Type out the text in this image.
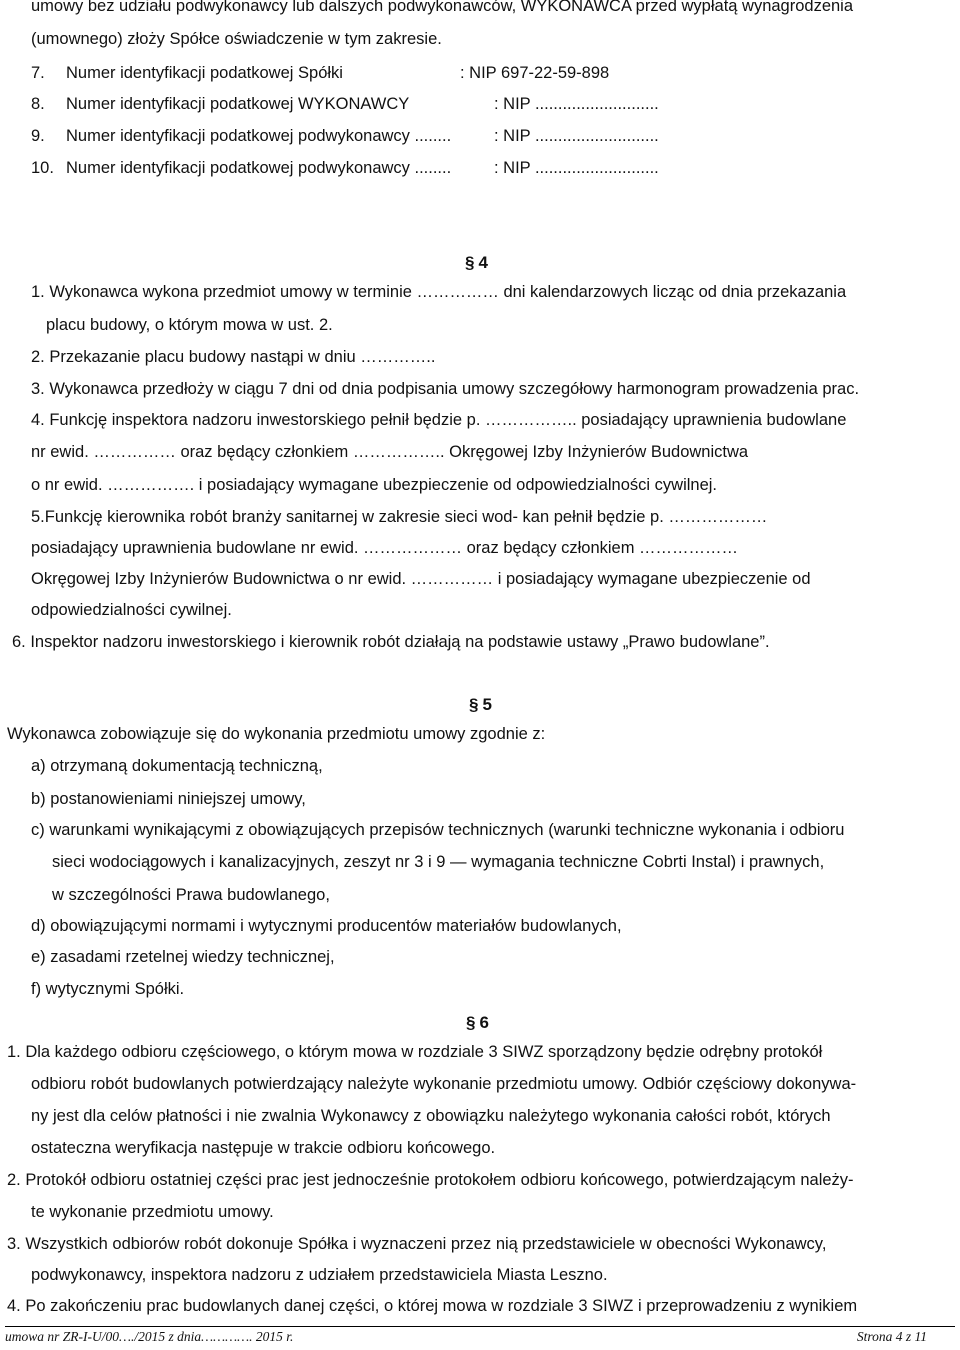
umowy bez udziału podwykonawcy lub dalszych podwykonawców, WYKONAWCA przed wypłatą wynagrodzenia
(umownego) złoży Spółce oświadczenie w tym zakresie.
7. Numer identyfikacji podatkowej Spółki	: NIP 697-22-59-898
8. Numer identyfikacji podatkowej WYKONAWCY	: NIP ...........................
9. Numer identyfikacji podatkowej podwykonawcy ........	: NIP ...........................
10. Numer identyfikacji podatkowej podwykonawcy ........	: NIP ...........................
§ 4
1. Wykonawca wykona przedmiot umowy w terminie …………… dni kalendarzowych licząc od dnia przekazania
placu budowy, o którym mowa w ust. 2.
2. Przekazanie placu budowy nastąpi w dniu …………..
3. Wykonawca przedłoży w ciągu 7 dni od dnia podpisania umowy szczegółowy harmonogram prowadzenia prac.
4. Funkcję inspektora nadzoru inwestorskiego pełnił będzie p. …………….. posiadający uprawnienia budowlane
nr ewid. …………… oraz będący członkiem …………….. Okręgowej Izby Inżynierów Budownictwa
o nr ewid. ……………. i posiadający wymagane ubezpieczenie od odpowiedzialności cywilnej.
5.Funkcję kierownika robót branży sanitarnej w zakresie sieci wod- kan pełnił będzie p. ………………
posiadający uprawnienia budowlane nr ewid. ……………… oraz będący członkiem ………………
Okręgowej Izby Inżynierów Budownictwa o nr ewid. …………… i posiadający wymagane ubezpieczenie od
odpowiedzialności cywilnej.
6. Inspektor nadzoru inwestorskiego i kierownik robót działają na podstawie ustawy „Prawo budowlane”.
§ 5
Wykonawca zobowiązuje się do wykonania przedmiotu umowy zgodnie z:
a) otrzymaną dokumentacją techniczną,
b) postanowieniami niniejszej umowy,
c) warunkami wynikającymi z obowiązujących przepisów technicznych (warunki techniczne wykonania i odbioru
sieci wodociągowych i kanalizacyjnych, zeszyt nr 3 i 9 — wymagania techniczne Cobrti Instal) i prawnych,
w szczególności Prawa budowlanego,
d) obowiązującymi normami i wytycznymi producentów materiałów budowlanych,
e) zasadami rzetelnej wiedzy technicznej,
f) wytycznymi Spółki.
§ 6
1. Dla każdego odbioru częściowego, o którym mowa w rozdziale 3 SIWZ sporządzony będzie odrębny protokół
odbioru robót budowlanych potwierdzający należyte wykonanie przedmiotu umowy. Odbiór częściowy dokonywa-
ny jest dla celów płatności i nie zwalnia Wykonawcy z obowiązku należytego wykonania całości robót, których
ostateczna weryfikacja następuje w trakcie odbioru końcowego.
2. Protokół odbioru ostatniej części prac jest jednocześnie protokołem odbioru końcowego, potwierdzającym należy-
te wykonanie przedmiotu umowy.
3. Wszystkich odbiorów robót dokonuje Spółka i wyznaczeni przez nią przedstawiciele w obecności Wykonawcy,
podwykonawcy, inspektora nadzoru z udziałem przedstawiciela Miasta Leszno.
4. Po zakończeniu prac budowlanych danej części, o której mowa w rozdziale 3 SIWZ i przeprowadzeniu z wynikiem
umowa nr ZR-I-U/00…./2015 z dnia…………. 2015 r.	Strona 4 z 11
